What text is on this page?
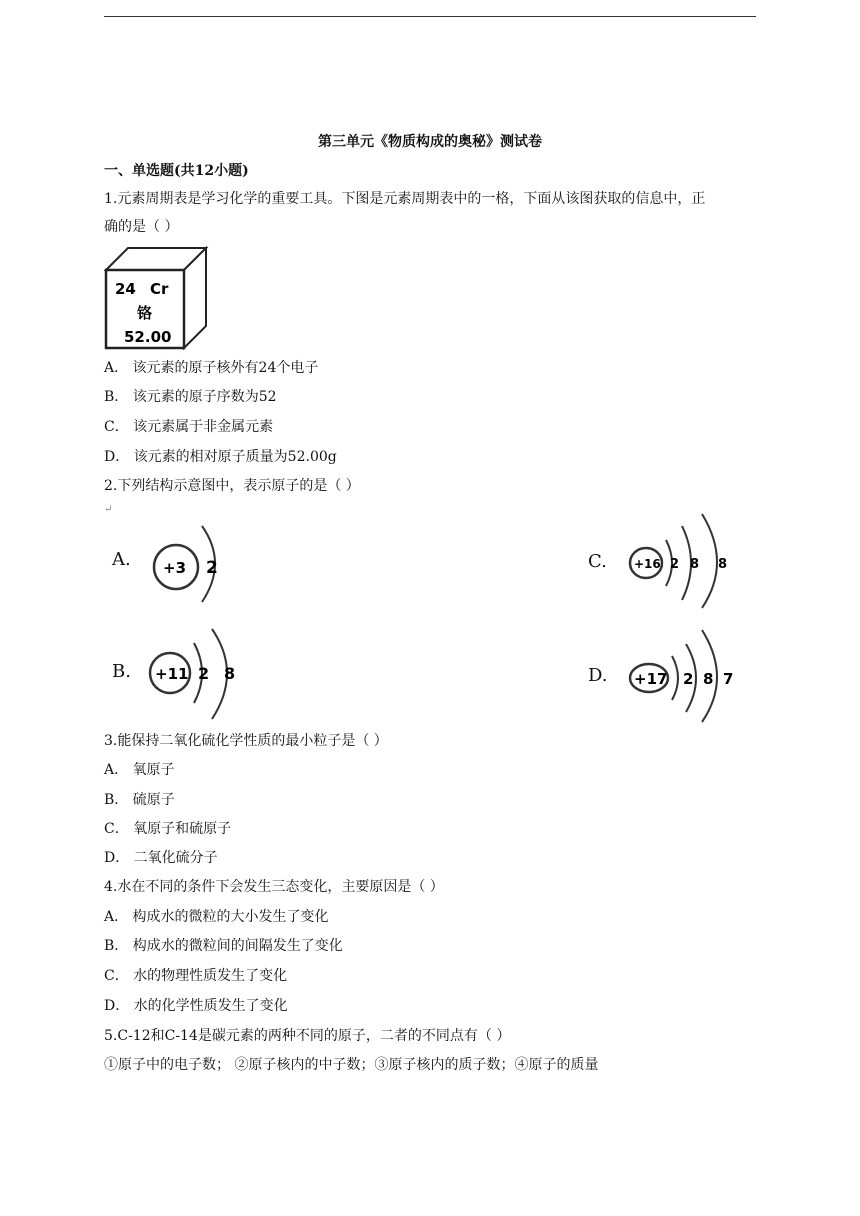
第三单元《物质构成的奥秘》测试卷
一、单选题(共12小题)
1.元素周期表是学习化学的重要工具。下图是元素周期表中的一格，下面从该图获取的信息中，正
确的是（ ）
24 Cr
铬
52.00
A． 该元素的原子核外有24个电子
B． 该元素的原子序数为52
C． 该元素属于非金属元素
D． 该元素的相对原子质量为52.00g
2.下列结构示意图中，表示原子的是（ ）
↵
A. +3 2
B. +11 2 8
C. +16 2 8 8
D. +17 2 8 7
3.能保持二氧化硫化学性质的最小粒子是（ ）
A． 氧原子
B． 硫原子
C． 氧原子和硫原子
D． 二氧化硫分子
4.水在不同的条件下会发生三态变化，主要原因是（ ）
A． 构成水的微粒的大小发生了变化
B． 构成水的微粒间的间隔发生了变化
C． 水的物理性质发生了变化
D． 水的化学性质发生了变化
5.C-12和C-14是碳元素的两种不同的原子，二者的不同点有（ ）
①原子中的电子数； ②原子核内的中子数；③原子核内的质子数；④原子的质量
